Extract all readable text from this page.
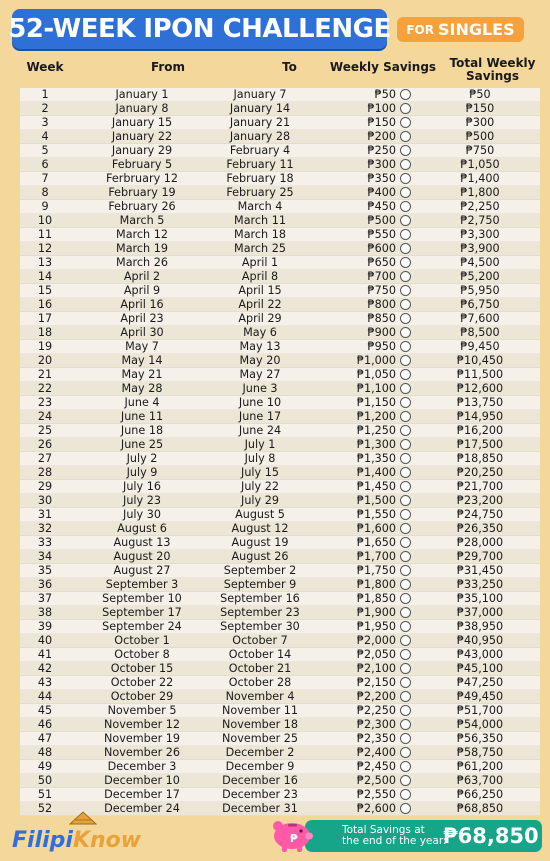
52-WEEK IPON CHALLENGE FOR SINGLES
Week	From	To	Weekly Savings	Total Weekly Savings
1	January 1	January 7	₱50	₱50
2	January 8	January 14	₱100	₱150
3	January 15	January 21	₱150	₱300
4	January 22	January 28	₱200	₱500
5	January 29	February 4	₱250	₱750
6	February 5	February 11	₱300	₱1,050
7	Ferbruary 12	February 18	₱350	₱1,400
8	February 19	February 25	₱400	₱1,800
9	February 26	March 4	₱450	₱2,250
10	March 5	March 11	₱500	₱2,750
11	March 12	March 18	₱550	₱3,300
12	March 19	March 25	₱600	₱3,900
13	March 26	April 1	₱650	₱4,500
14	April 2	April 8	₱700	₱5,200
15	April 9	April 15	₱750	₱5,950
16	April 16	April 22	₱800	₱6,750
17	April 23	April 29	₱850	₱7,600
18	April 30	May 6	₱900	₱8,500
19	May 7	May 13	₱950	₱9,450
20	May 14	May 20	₱1,000	₱10,450
21	May 21	May 27	₱1,050	₱11,500
22	May 28	June 3	₱1,100	₱12,600
23	June 4	June 10	₱1,150	₱13,750
24	June 11	June 17	₱1,200	₱14,950
25	June 18	June 24	₱1,250	₱16,200
26	June 25	July 1	₱1,300	₱17,500
27	July 2	July 8	₱1,350	₱18,850
28	July 9	July 15	₱1,400	₱20,250
29	July 16	July 22	₱1,450	₱21,700
30	July 23	July 29	₱1,500	₱23,200
31	July 30	August 5	₱1,550	₱24,750
32	August 6	August 12	₱1,600	₱26,350
33	August 13	August 19	₱1,650	₱28,000
34	August 20	August 26	₱1,700	₱29,700
35	August 27	September 2	₱1,750	₱31,450
36	September 3	September 9	₱1,800	₱33,250
37	September 10	September 16	₱1,850	₱35,100
38	September 17	September 23	₱1,900	₱37,000
39	September 24	September 30	₱1,950	₱38,950
40	October 1	October 7	₱2,000	₱40,950
41	October 8	October 14	₱2,050	₱43,000
42	October 15	October 21	₱2,100	₱45,100
43	October 22	October 28	₱2,150	₱47,250
44	October 29	November 4	₱2,200	₱49,450
45	November 5	November 11	₱2,250	₱51,700
46	November 12	November 18	₱2,300	₱54,000
47	November 19	November 25	₱2,350	₱56,350
48	November 26	December 2	₱2,400	₱58,750
49	December 3	December 9	₱2,450	₱61,200
50	December 10	December 16	₱2,500	₱63,700
51	December 17	December 23	₱2,550	₱66,250
52	December 24	December 31	₱2,600	₱68,850
Filipi Know	Total Savings at
the end of the year:
₱68,850
₱
